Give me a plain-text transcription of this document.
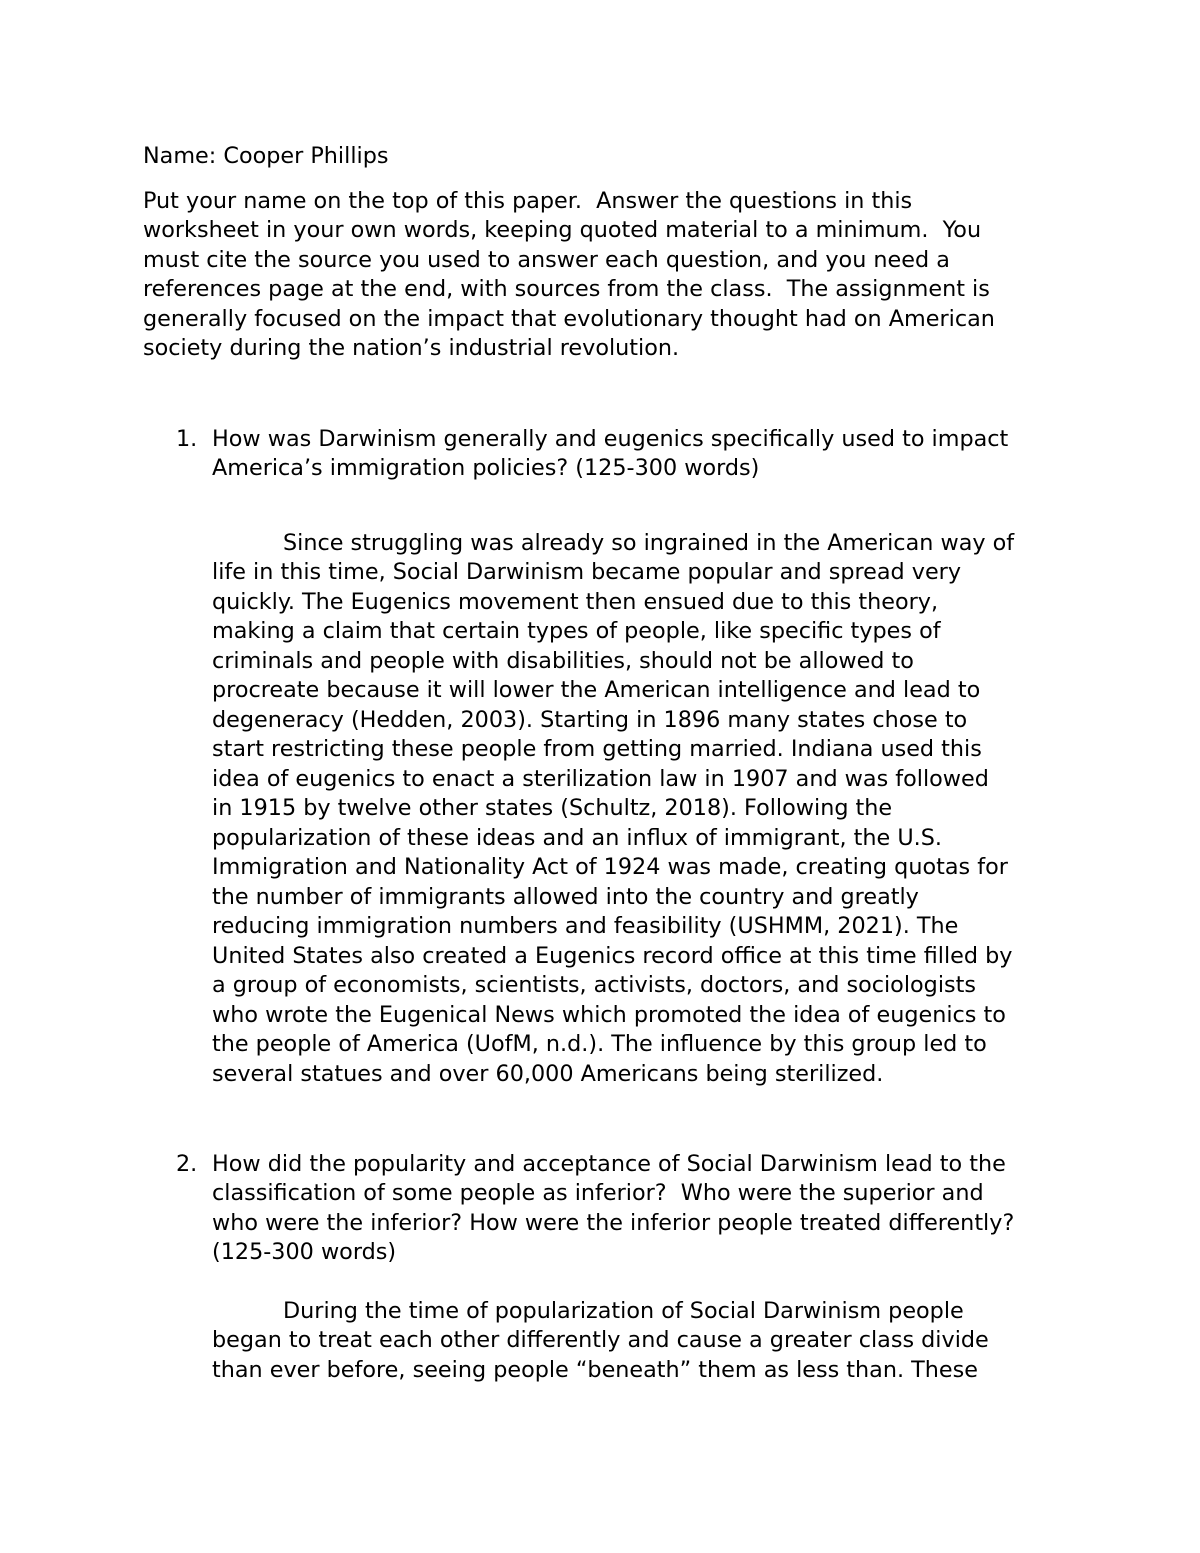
Name: Cooper Phillips
Put your name on the top of this paper.  Answer the questions in this
worksheet in your own words, keeping quoted material to a minimum.  You
must cite the source you used to answer each question, and you need a
references page at the end, with sources from the class.  The assignment is
generally focused on the impact that evolutionary thought had on American
society during the nation’s industrial revolution.
1. How was Darwinism generally and eugenics specifically used to impact
America’s immigration policies? (125-300 words)
Since struggling was already so ingrained in the American way of
life in this time, Social Darwinism became popular and spread very
quickly. The Eugenics movement then ensued due to this theory,
making a claim that certain types of people, like specific types of
criminals and people with disabilities, should not be allowed to
procreate because it will lower the American intelligence and lead to
degeneracy (Hedden, 2003). Starting in 1896 many states chose to
start restricting these people from getting married. Indiana used this
idea of eugenics to enact a sterilization law in 1907 and was followed
in 1915 by twelve other states (Schultz, 2018). Following the
popularization of these ideas and an influx of immigrant, the U.S.
Immigration and Nationality Act of 1924 was made, creating quotas for
the number of immigrants allowed into the country and greatly
reducing immigration numbers and feasibility (USHMM, 2021). The
United States also created a Eugenics record office at this time filled by
a group of economists, scientists, activists, doctors, and sociologists
who wrote the Eugenical News which promoted the idea of eugenics to
the people of America (UofM, n.d.). The influence by this group led to
several statues and over 60,000 Americans being sterilized.
2. How did the popularity and acceptance of Social Darwinism lead to the
classification of some people as inferior?  Who were the superior and
who were the inferior? How were the inferior people treated differently?
(125-300 words)
During the time of popularization of Social Darwinism people
began to treat each other differently and cause a greater class divide
than ever before, seeing people “beneath” them as less than. These
